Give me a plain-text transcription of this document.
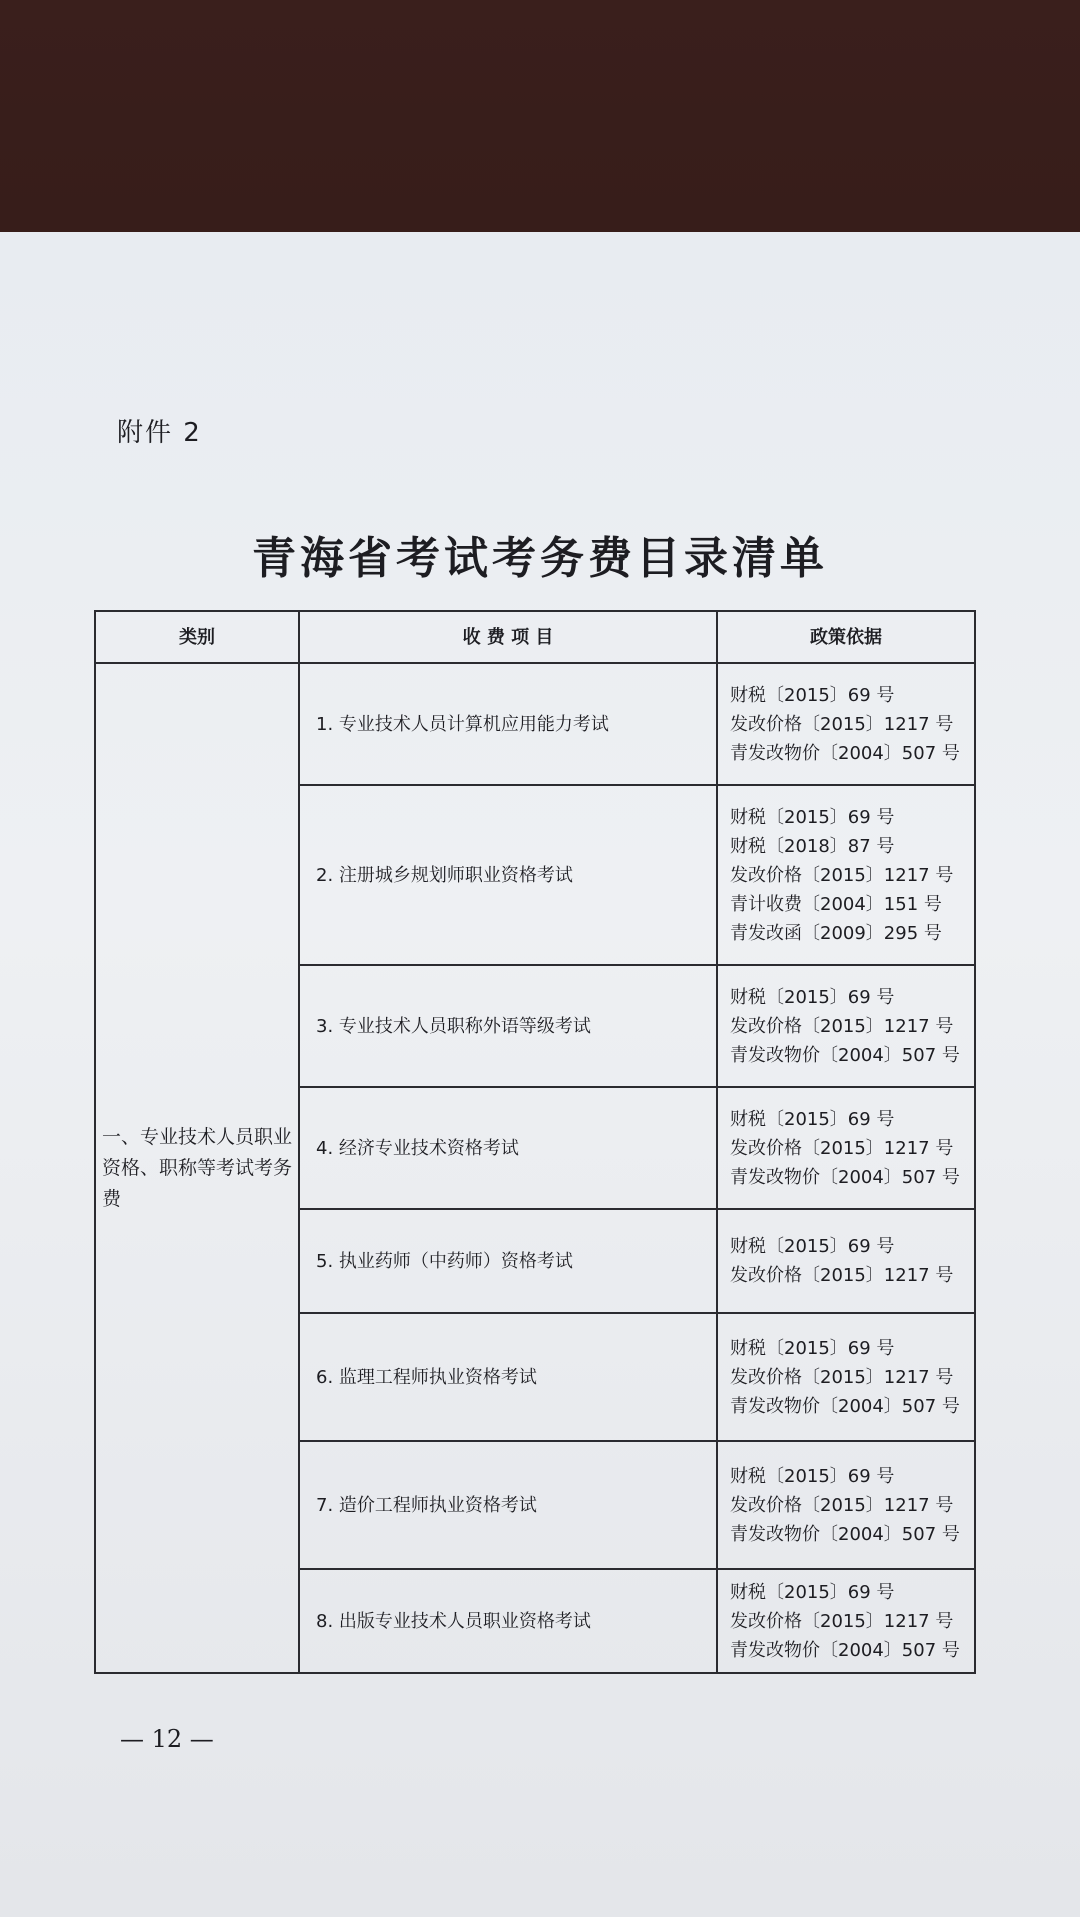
附件 2
青海省考试考务费目录清单
类别	收 费 项 目	政策依据
一、专业技术人员职业资格、职称等考试考务费	1. 专业技术人员计算机应用能力考试	财税〔2015〕69 号
发改价格〔2015〕1217 号
青发改物价〔2004〕507 号

	2. 注册城乡规划师职业资格考试	财税〔2015〕69 号
财税〔2018〕87 号
发改价格〔2015〕1217 号
青计收费〔2004〕151 号
青发改函〔2009〕295 号

	3. 专业技术人员职称外语等级考试	财税〔2015〕69 号
发改价格〔2015〕1217 号
青发改物价〔2004〕507 号

	4. 经济专业技术资格考试	财税〔2015〕69 号
发改价格〔2015〕1217 号
青发改物价〔2004〕507 号

	5. 执业药师（中药师）资格考试	财税〔2015〕69 号
发改价格〔2015〕1217 号

	6. 监理工程师执业资格考试	财税〔2015〕69 号
发改价格〔2015〕1217 号
青发改物价〔2004〕507 号

	7. 造价工程师执业资格考试	财税〔2015〕69 号
发改价格〔2015〕1217 号
青发改物价〔2004〕507 号

	8. 出版专业技术人员职业资格考试	财税〔2015〕69 号
发改价格〔2015〕1217 号
青发改物价〔2004〕507 号
— 12 —
